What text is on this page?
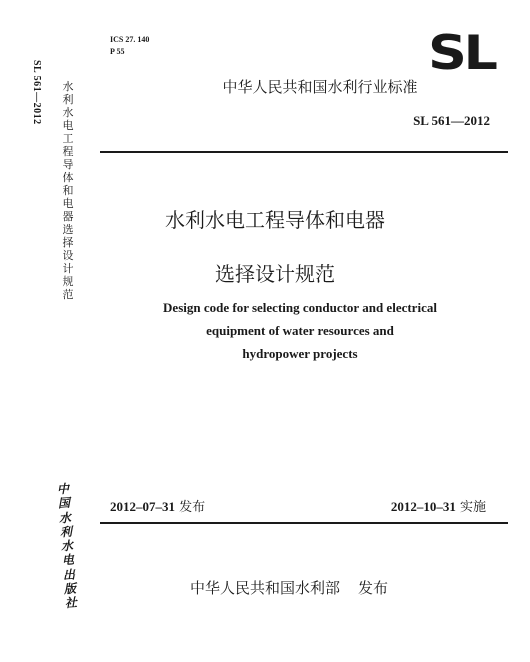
SL 561—2012 水利水电工程导体和电器选择设计规范
中国水利水电出版社
ICS 27. 140
P 55	SL
中华人民共和国水利行业标准
SL 561—2012
水利水电工程导体和电器
选择设计规范
Design code for selecting conductor and electrical
equipment of water resources and
hydropower projects
2012–07–31 发布	2012–10–31 实施
中华人民共和国水利部 发布
